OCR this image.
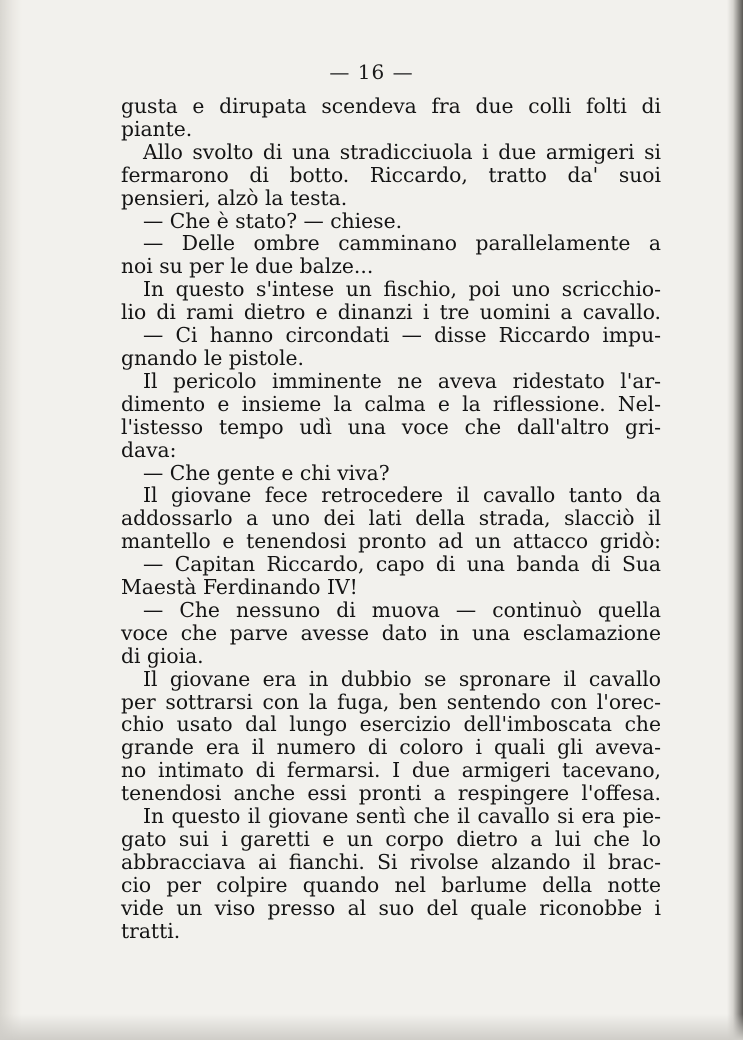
— 16 —
gusta e dirupata scendeva fra due colli folti di
piante.
Allo svolto di una stradicciuola i due armigeri si
fermarono di botto. Riccardo, tratto da' suoi
pensieri, alzò la testa.
— Che è stato? — chiese.
— Delle ombre camminano parallelamente a
noi su per le due balze...
In questo s'intese un fischio, poi uno scricchio-
lio di rami dietro e dinanzi i tre uomini a cavallo.
— Ci hanno circondati — disse Riccardo impu-
gnando le pistole.
Il pericolo imminente ne aveva ridestato l'ar-
dimento e insieme la calma e la riflessione. Nel-
l'istesso tempo udì una voce che dall'altro gri-
dava:
— Che gente e chi viva?
Il giovane fece retrocedere il cavallo tanto da
addossarlo a uno dei lati della strada, slacciò il
mantello e tenendosi pronto ad un attacco gridò:
— Capitan Riccardo, capo di una banda di Sua
Maestà Ferdinando IV!
— Che nessuno di muova — continuò quella
voce che parve avesse dato in una esclamazione
di gioia.
Il giovane era in dubbio se spronare il cavallo
per sottrarsi con la fuga, ben sentendo con l'orec-
chio usato dal lungo esercizio dell'imboscata che
grande era il numero di coloro i quali gli aveva-
no intimato di fermarsi. I due armigeri tacevano,
tenendosi anche essi pronti a respingere l'offesa.
In questo il giovane sentì che il cavallo si era pie-
gato sui i garetti e un corpo dietro a lui che lo
abbracciava ai fianchi. Si rivolse alzando il brac-
cio per colpire quando nel barlume della notte
vide un viso presso al suo del quale riconobbe i
tratti.
